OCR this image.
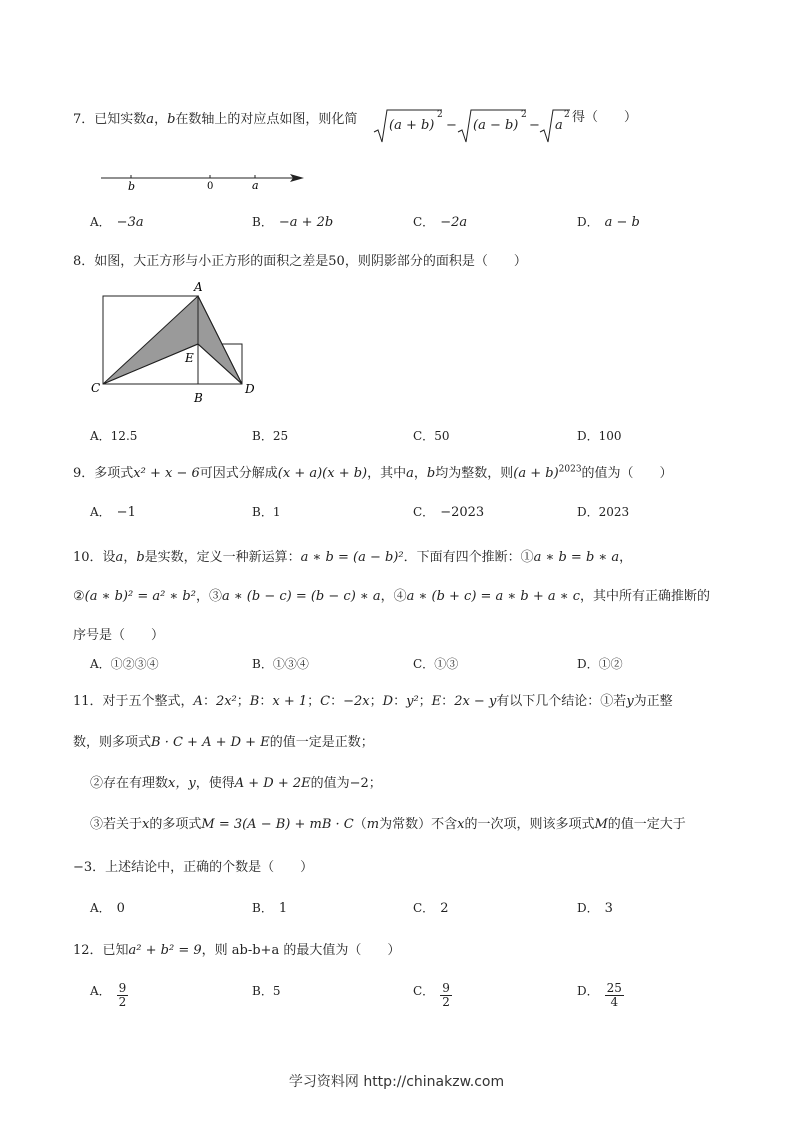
7．已知实数a，b在数轴上的对应点如图，则化简 (a + b)
2
− (a − b)
2
− a
2 得（　　）
b	0	a
A． −3a	B． −a + 2b	C． −2a	D． a − b
8．如图，大正方形与小正方形的面积之差是50，则阴影部分的面积是（　　）
A
B
C	D
E
A．12.5	B．25	C．50	D．100
9．多项式x² + x − 6可因式分解成(x + a)(x + b)，其中a，b均为整数，则$(a + b)^{2023}$的值为（　　）
A． −1	B．1	C． −2023	D．2023
10．设a，b是实数，定义一种新运算：a ∗ b = (a − b)²．下面有四个推断：①a ∗ b = b ∗ a，
②(a ∗ b)² = a² ∗ b²，③a ∗ (b − c) = (b − c) ∗ a，④a ∗ (b + c) = a ∗ b + a ∗ c，其中所有正确推断的
序号是（　　）
A．①②③④	B．①③④	C．①③	D．①②
11．对于五个整式，A：2x²；B：x + 1；C：−2x；D：y²；E：2x − y有以下几个结论：①若y为正整
数，则多项式B · C + A + D + E的值一定是正数；
②存在有理数x，y，使得A + D + 2E的值为−2；
③若关于x的多项式M = 3(A − B) + mB · C（m为常数）不含x的一次项，则该多项式M的值一定大于
−3．上述结论中，正确的个数是（　　）
A． 0	B． 1	C． 2	D． 3
12．已知a² + b² = 9，则 ab-b+a 的最大值为（　　）
A． $\frac{9}{2}$	B．5	C． $\frac{9}{2}$	D． $\frac{25}{4}$
学习资料网 http://chinakzw.com
